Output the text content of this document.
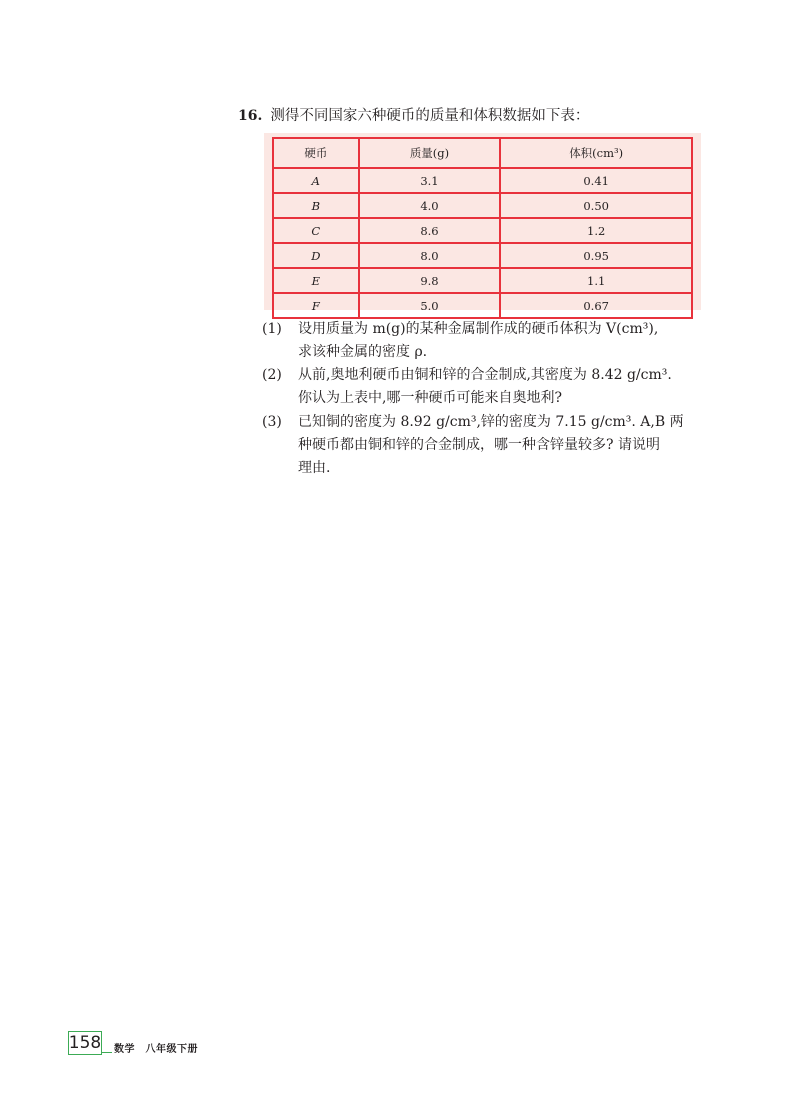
16. 测得不同国家六种硬币的质量和体积数据如下表：
硬币	质量(g)	体积(cm³)
A	3.1	0.41
B	4.0	0.50
C	8.6	1.2
D	8.0	0.95
E	9.8	1.1
F	5.0	0.67
(1) 设用质量为 m(g)的某种金属制作成的硬币体积为 V(cm³),
求该种金属的密度 ρ.
(2) 从前,奥地利硬币由铜和锌的合金制成,其密度为 8.42 g/cm³.
你认为上表中,哪一种硬币可能来自奥地利?
(3) 已知铜的密度为 8.92 g/cm³,锌的密度为 7.15 g/cm³. A,B 两
种硬币都由铜和锌的合金制成，哪一种含锌量较多? 请说明
理由.
158 数学　八年级下册
